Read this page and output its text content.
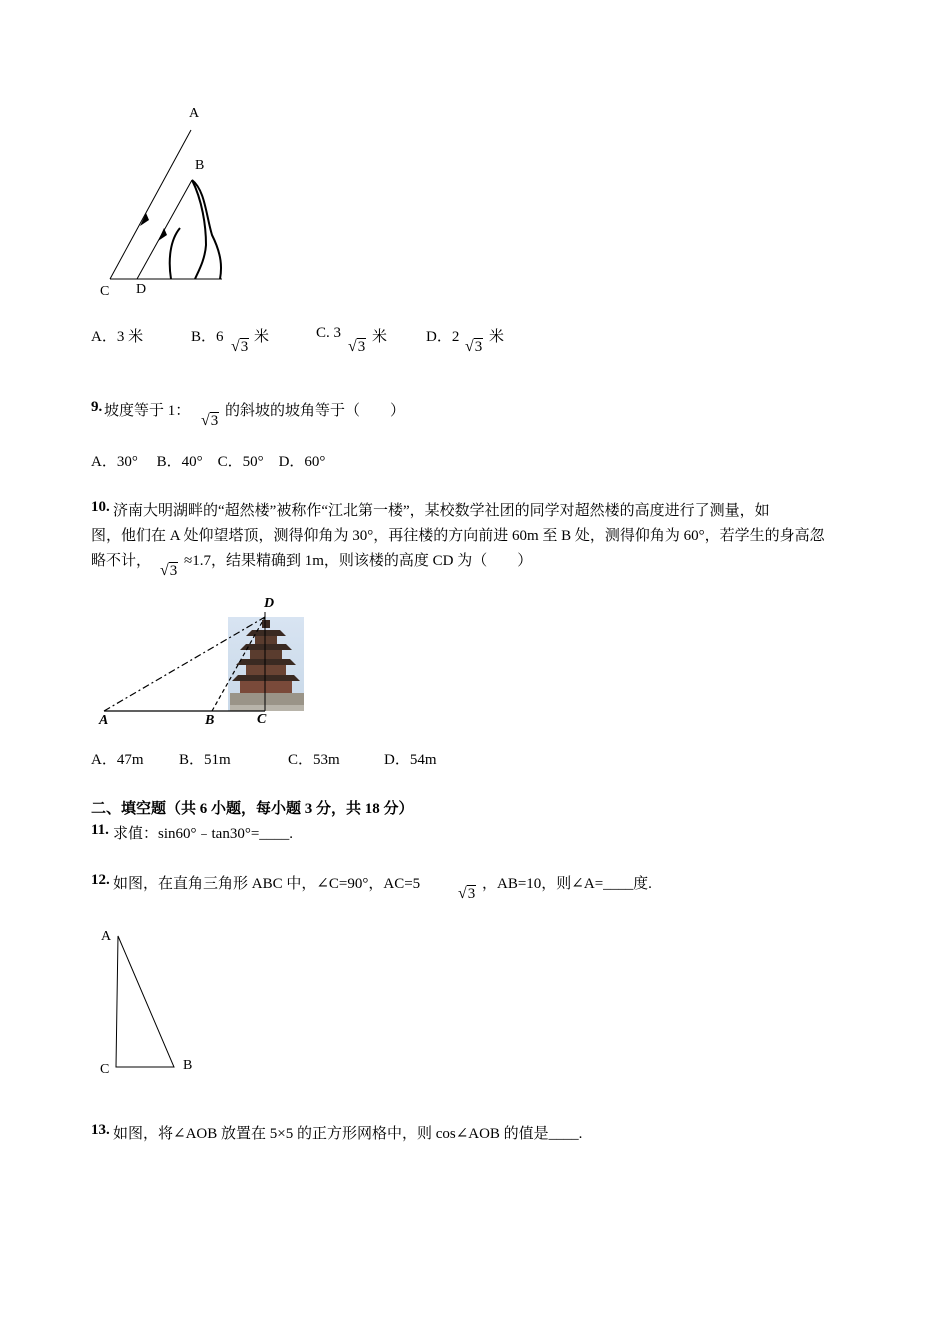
A
B
C D
A．3 米	B．6
√3
米	C. 3
√3
米	D．2
√3
米
9. 坡度等于 1：
√3
的斜坡的坡角等于（　　）
A．30°　 B．40°　C．50°　D．60°
10. 济南大明湖畔的“超然楼”被称作“江北第一楼”，某校数学社团的同学对超然楼的高度进行了测量，如
图，他们在 A 处仰望塔顶，测得仰角为 30°，再往楼的方向前进 60m 至 B 处，测得仰角为 60°，若学生的身高忽
略不计，
√3
≈1.7，结果精确到 1m，则该楼的高度 CD 为（　　）
D
A	B	C
A．47m B．51m	C．53m	D．54m
二、填空题（共 6 小题，每小题 3 分，共 18 分）
11. 求值：sin60°﹣tan30°=____.
12. 如图，在直角三角形 ABC 中，∠C=90°，AC=5
√3
，AB=10，则∠A=____度.
A
C	B
13. 如图，将∠AOB 放置在 5×5 的正方形网格中，则 cos∠AOB 的值是____.
